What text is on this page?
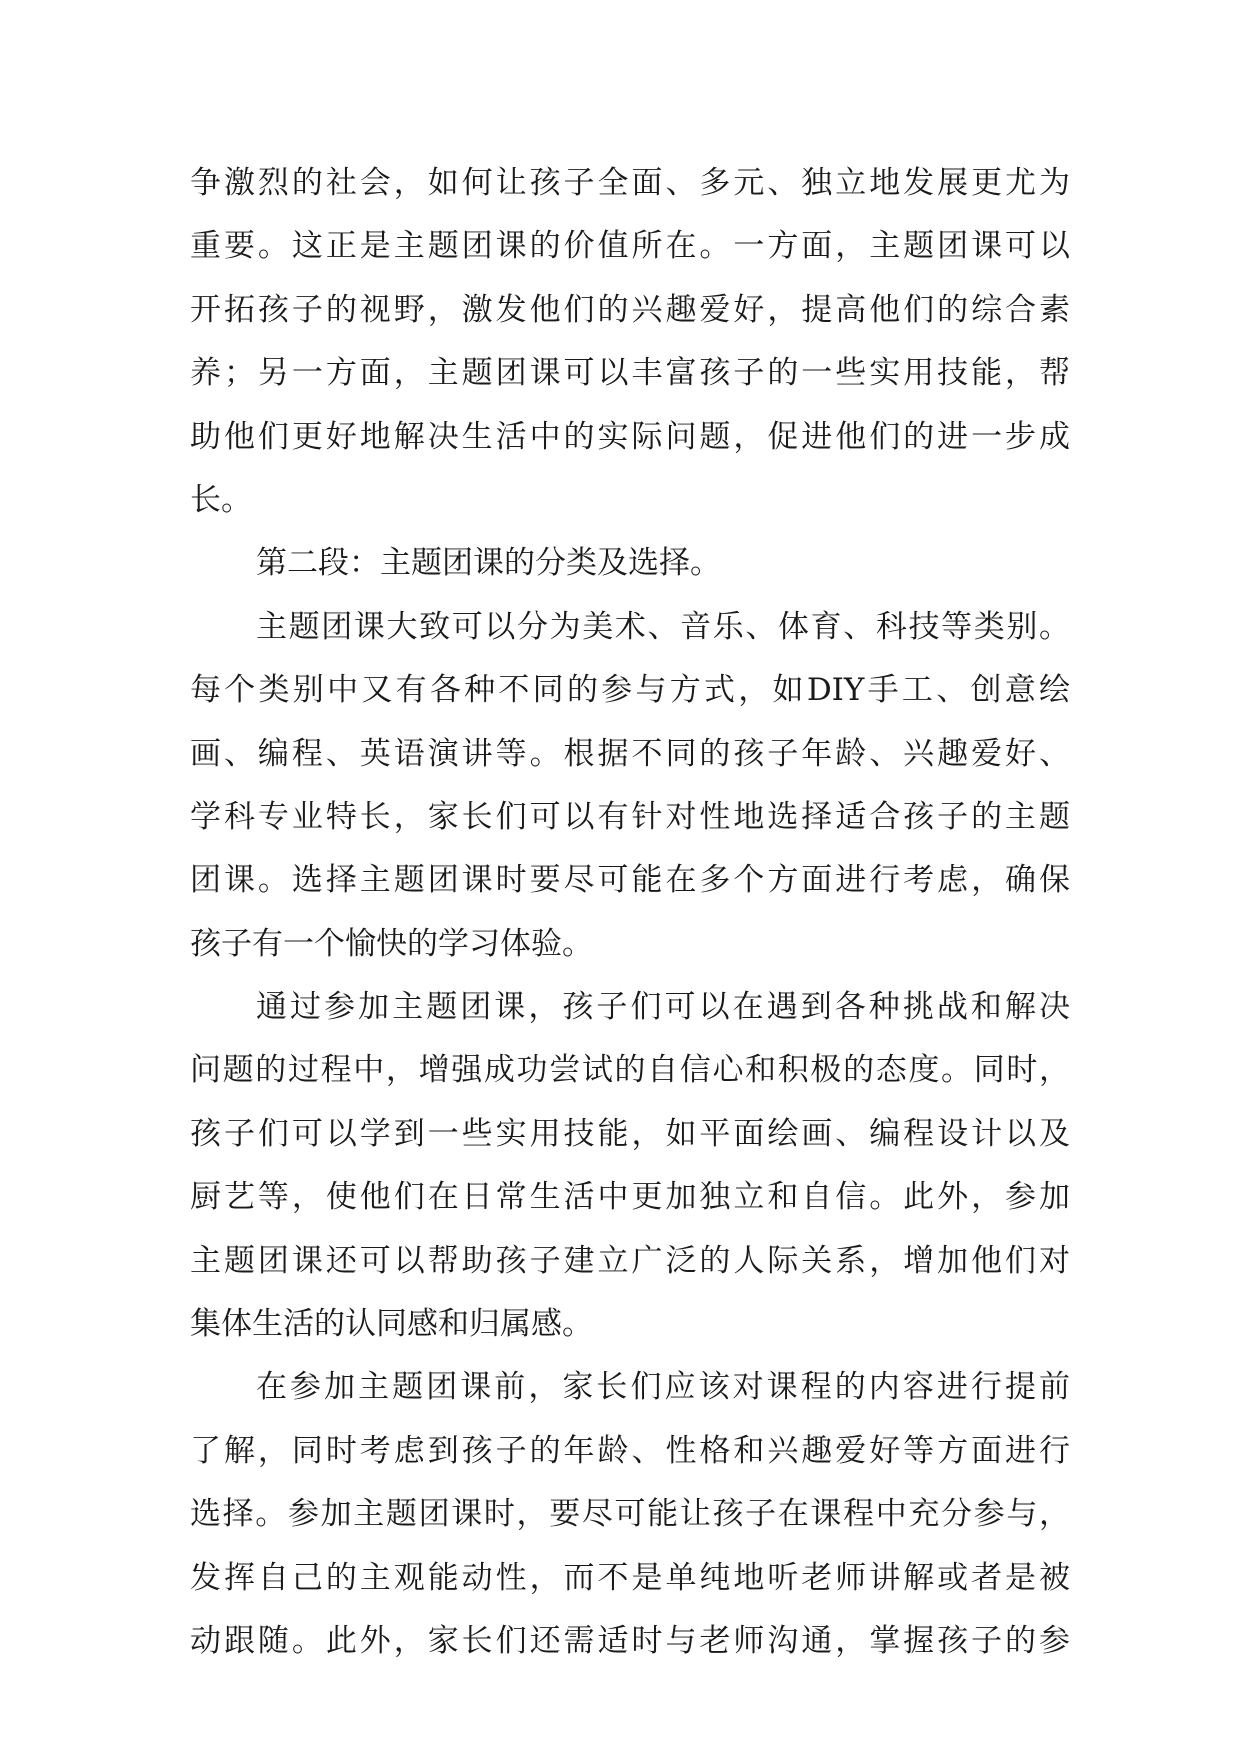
争激烈的社会，如何让孩子全面、多元、独立地发展更尤为
重要。这正是主题团课的价值所在。一方面，主题团课可以
开拓孩子的视野，激发他们的兴趣爱好，提高他们的综合素
养；另一方面，主题团课可以丰富孩子的一些实用技能，帮
助他们更好地解决生活中的实际问题，促进他们的进一步成
长。
第二段：主题团课的分类及选择。
主题团课大致可以分为美术、音乐、体育、科技等类别。
每个类别中又有各种不同的参与方式，如DIY手工、创意绘
画、编程、英语演讲等。根据不同的孩子年龄、兴趣爱好、
学科专业特长，家长们可以有针对性地选择适合孩子的主题
团课。选择主题团课时要尽可能在多个方面进行考虑，确保
孩子有一个愉快的学习体验。
通过参加主题团课，孩子们可以在遇到各种挑战和解决
问题的过程中，增强成功尝试的自信心和积极的态度。同时，
孩子们可以学到一些实用技能，如平面绘画、编程设计以及
厨艺等，使他们在日常生活中更加独立和自信。此外，参加
主题团课还可以帮助孩子建立广泛的人际关系，增加他们对
集体生活的认同感和归属感。
在参加主题团课前，家长们应该对课程的内容进行提前
了解，同时考虑到孩子的年龄、性格和兴趣爱好等方面进行
选择。参加主题团课时，要尽可能让孩子在课程中充分参与，
发挥自己的主观能动性，而不是单纯地听老师讲解或者是被
动跟随。此外，家长们还需适时与老师沟通，掌握孩子的参
